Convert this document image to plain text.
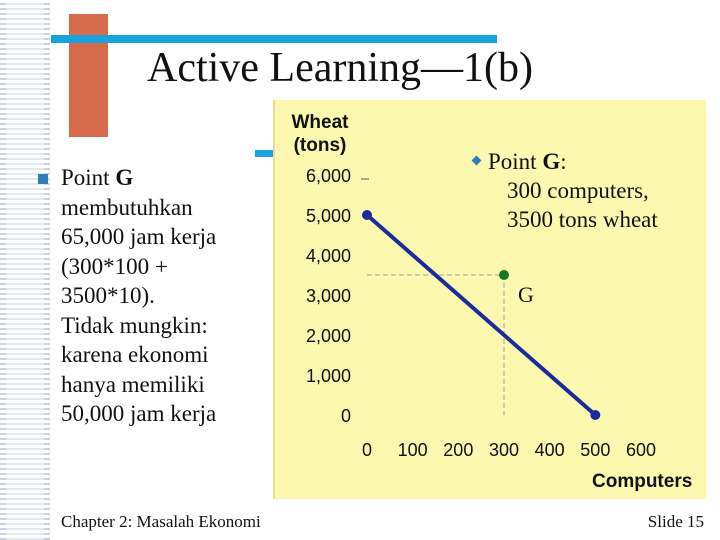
Active Learning—1(b)
Point G
membutuhkan
65,000 jam kerja
(300*100 +
3500*10).
Tidak mungkin:
karena ekonomi
hanya memiliki
50,000 jam kerja	0
1,000
2,000
3,000
4,000
5,000
6,000
0 100 200 300 400 500 600
Wheat
(tons)
Computers
Point G:
300 computers,
3500 tons wheat
G
Chapter 2: Masalah Ekonomi	Slide 15
